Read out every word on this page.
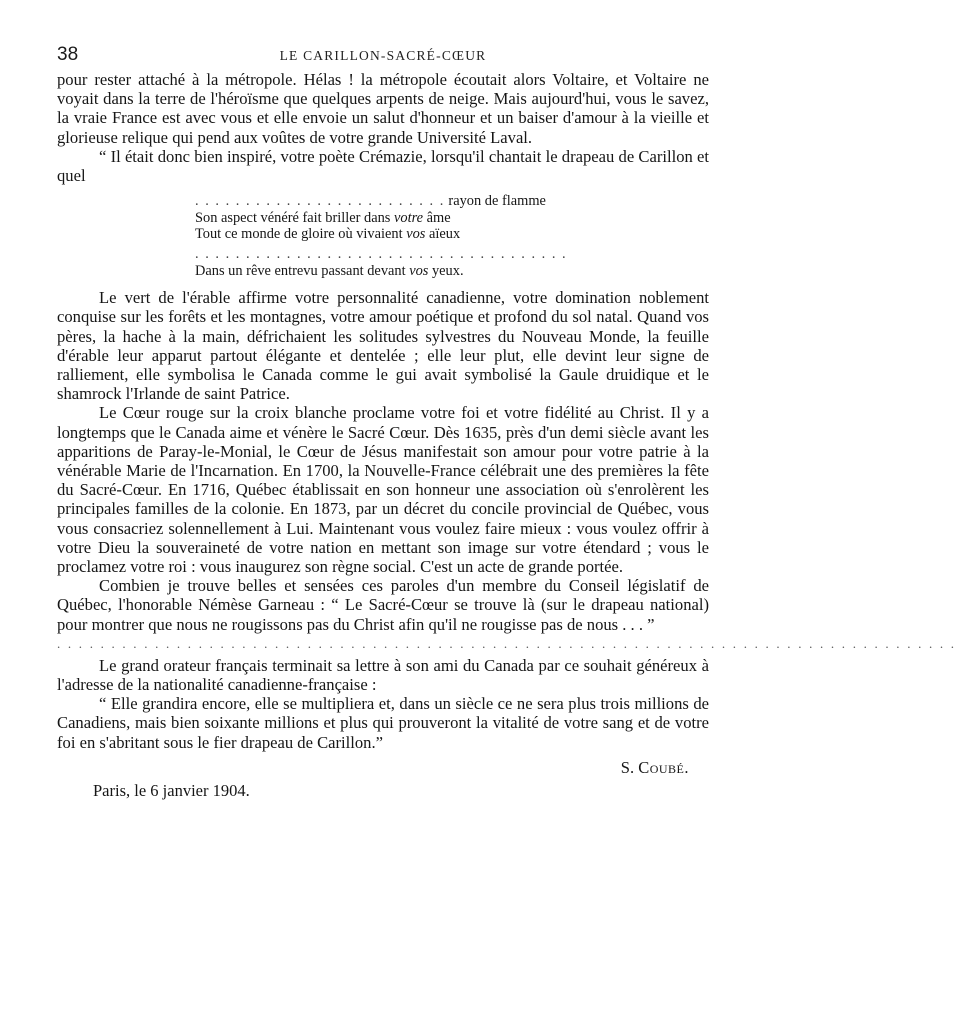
38	LE CARILLON-SACRÉ-CŒUR

pour rester attaché à la métropole. Hélas ! la métropole écoutait alors Voltaire, et Voltaire ne voyait dans la terre de l'héroïsme que quelques arpents de neige. Mais aujourd'hui, vous le savez, la vraie France est avec vous et elle envoie un salut d'honneur et un baiser d'amour à la vieille et glorieuse relique qui pend aux voûtes de votre grande Université Laval.

“ Il était donc bien inspiré, votre poète Crémazie, lorsqu'il chantait le drapeau de Carillon et quel

. . . . . . . . . . . . . . . . . . . . . . . . . rayon de flamme
Son aspect vénéré fait briller dans votre âme
Tout ce monde de gloire où vivaient vos aïeux
. . . . . . . . . . . . . . . . . . . . . . . . . . . . . . . . . . . . .
Dans un rêve entrevu passant devant vos yeux.

Le vert de l'érable affirme votre personnalité canadienne, votre domination noblement conquise sur les forêts et les montagnes, votre amour poétique et profond du sol natal. Quand vos pères, la hache à la main, défrichaient les solitudes sylvestres du Nouveau Monde, la feuille d'érable leur apparut partout élégante et dentelée ; elle leur plut, elle devint leur signe de ralliement, elle symbolisa le Canada comme le gui avait symbolisé la Gaule druidique et le shamrock l'Irlande de saint Patrice.

Le Cœur rouge sur la croix blanche proclame votre foi et votre fidélité au Christ. Il y a longtemps que le Canada aime et vénère le Sacré Cœur. Dès 1635, près d'un demi siècle avant les apparitions de Paray-le-Monial, le Cœur de Jésus manifestait son amour pour votre patrie à la vénérable Marie de l'Incarnation. En 1700, la Nouvelle-France célébrait une des premières la fête du Sacré-Cœur. En 1716, Québec établissait en son honneur une association où s'enrolèrent les principales familles de la colonie. En 1873, par un décret du concile provincial de Québec, vous vous consacriez solennellement à Lui. Maintenant vous voulez faire mieux : vous voulez offrir à votre Dieu la souveraineté de votre nation en mettant son image sur votre étendard ; vous le proclamez votre roi : vous inaugurez son règne social. C'est un acte de grande portée.

Combien je trouve belles et sensées ces paroles d'un membre du Conseil législatif de Québec, l'honorable Némèse Garneau : “ Le Sacré-Cœur se trouve là (sur le drapeau national) pour montrer que nous ne rougissons pas du Christ afin qu'il ne rougisse pas de nous . . . ”

. . . . . . . . . . . . . . . . . . . . . . . . . . . . . . . . . . . . . . . . . . . . . . . . . . . . . . . . . . . . . . . . . . . . . . . . . . . . . . . . . . .

Le grand orateur français terminait sa lettre à son ami du Canada par ce souhait généreux à l'adresse de la nationalité canadienne-française :

“ Elle grandira encore, elle se multipliera et, dans un siècle ce ne sera plus trois millions de Canadiens, mais bien soixante millions et plus qui prouveront la vitalité de votre sang et de votre foi en s'abritant sous le fier drapeau de Carillon.”

S. Coubé.
Paris, le 6 janvier 1904.
